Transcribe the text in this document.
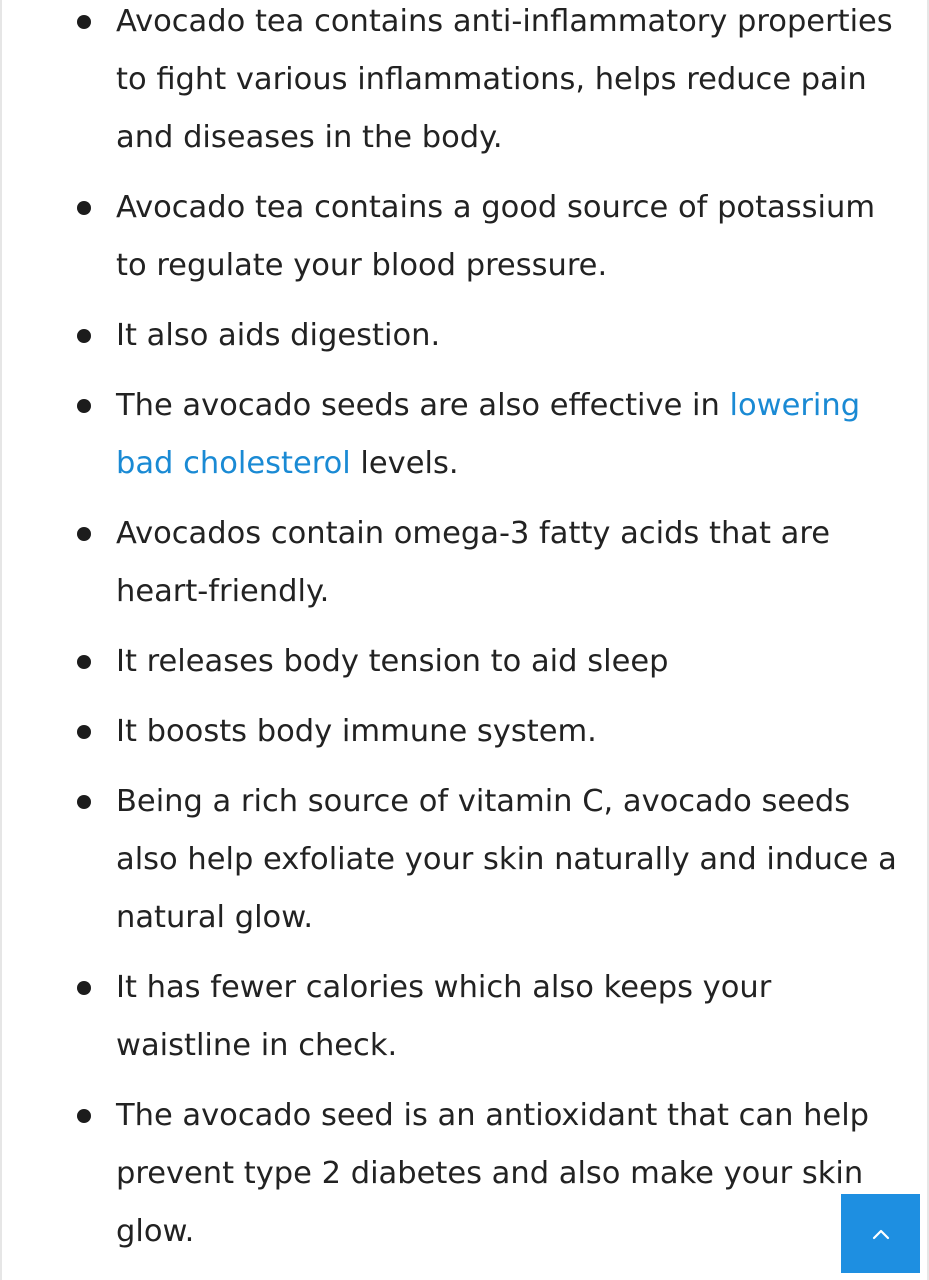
Avocado tea contains anti-inflammatory properties to fight various inflammations, helps reduce pain and diseases in the body.
Avocado tea contains a good source of potassium to regulate your blood pressure.
It also aids digestion.
The avocado seeds are also effective in lowering bad cholesterol levels.
Avocados contain omega-3 fatty acids that are heart-friendly.
It releases body tension to aid sleep
It boosts body immune system.
Being a rich source of vitamin C, avocado seeds also help exfoliate your skin naturally and induce a natural glow.
It has fewer calories which also keeps your waistline in check.
The avocado seed is an antioxidant that can help prevent type 2 diabetes and also make your skin glow.
